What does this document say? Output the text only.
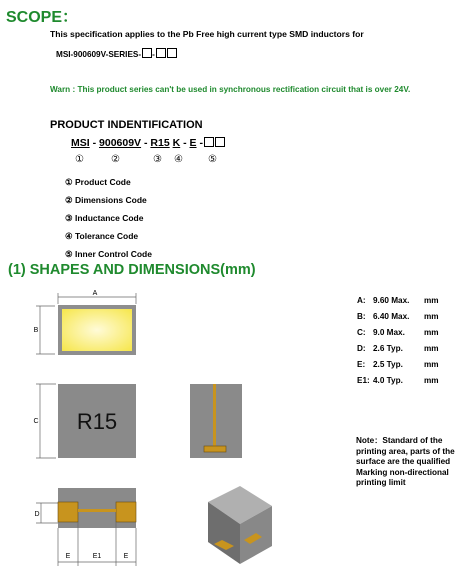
SCOPE：
This specification applies to the Pb Free high current type SMD inductors for
MSI-900609V-SERIES- -
Warn : This product series can't be used in synchronous rectification circuit that is over 24V.
PRODUCT INDENTIFICATION
MSI - 900609V - R15 K - E -
①	②	③ ④	⑤
① Product Code
② Dimensions Code
③ Inductance Code
④ Tolerance Code
⑤ Inner Control Code
(1) SHAPES AND DIMENSIONS(mm)
A
B
C R15
D
E	E1	E
A: 9.60 Max. mm
B: 6.40 Max. mm
C: 9.0 Max. mm
D: 2.6 Typ.	mm
E: 2.5 Typ.	mm
E1: 4.0 Typ.	mm
Note：Standard of the printing area, parts of the surface are the qualified Marking non-directional printing limit
